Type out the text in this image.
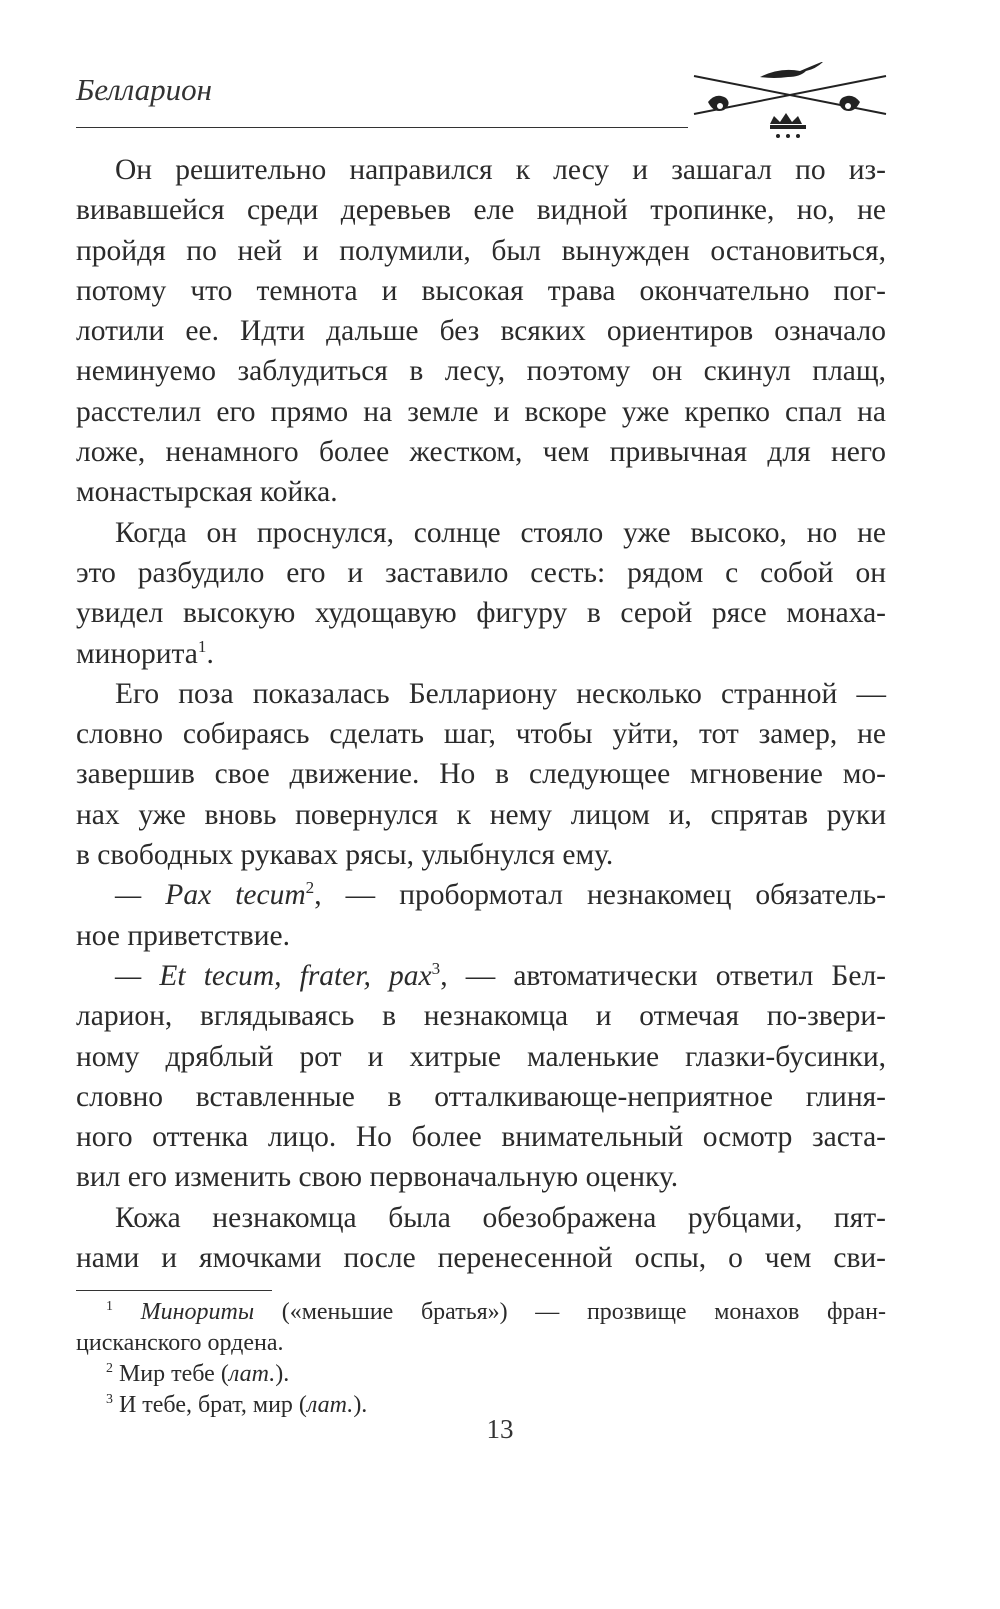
Белларион
Он решительно направился к лесу и зашагал по из-
вивавшейся среди деревьев еле видной тропинке, но, не
пройдя по ней и полумили, был вынужден остановиться,
потому что темнота и высокая трава окончательно пог-
лотили ее. Идти дальше без всяких ориентиров означало
неминуемо заблудиться в лесу, поэтому он скинул плащ,
расстелил его прямо на земле и вскоре уже крепко спал на
ложе, ненамного более жестком, чем привычная для него
монастырская койка.
Когда он проснулся, солнце стояло уже высоко, но не
это разбудило его и заставило сесть: рядом с собой он
увидел высокую худощавую фигуру в серой рясе монаха-
минорита$^1$.
Его поза показалась Беллариону несколько странной —
словно собираясь сделать шаг, чтобы уйти, тот замер, не
завершив свое движение. Но в следующее мгновение мо-
нах уже вновь повернулся к нему лицом и, спрятав руки
в свободных рукавах рясы, улыбнулся ему.
— Pax tecum$^2$, — пробормотал незнакомец обязатель-
ное приветствие.
— Et tecum, frater, pax$^3$, — автоматически ответил Бел-
ларион, вглядываясь в незнакомца и отмечая по-звери-
ному дряблый рот и хитрые маленькие глазки-бусинки,
словно вставленные в отталкивающе-неприятное глиня-
ного оттенка лицо. Но более внимательный осмотр заста-
вил его изменить свою первоначальную оценку.
Кожа незнакомца была обезображена рубцами, пят-
нами и ямочками после перенесенной оспы, о чем сви-
$^1$ Минориты («меньшие братья») — прозвище монахов фран-
цисканского ордена.
$^2$ Мир тебе (лат.).
$^3$ И тебе, брат, мир (лат.).
13
